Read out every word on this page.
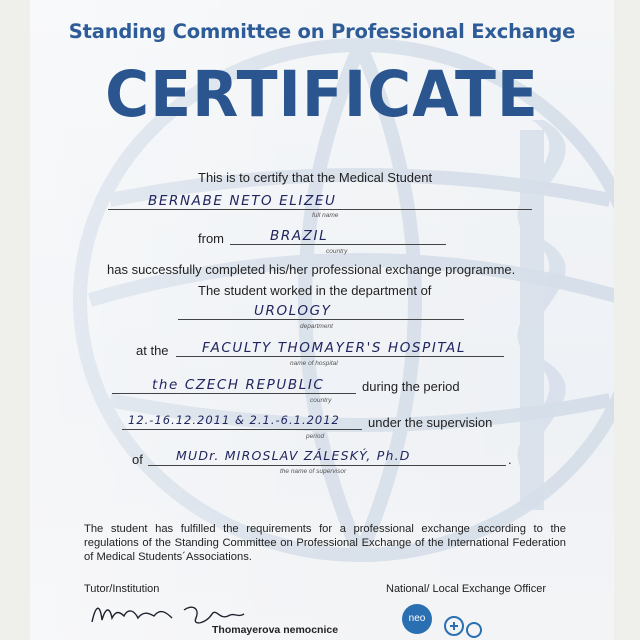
Standing Committee on Professional Exchange
CERTIFICATE
This is to certify that the Medical Student
BERNABE NETO ELIZEU
full name
from	BRAZIL
country
has successfully completed his/her professional exchange programme.
The student worked in the department of
UROLOGY
department
at the FACULTY THOMAYER'S HOSPITAL
name of hospital
the CZECH REPUBLIC	during the period
country
12.-16.12.2011 & 2.1.-6.1.2012 under the supervision
period
of	MUDr. MIROSLAV ZÁLESKÝ, Ph.D	.
the name of supervisor
The student has fulfilled the requirements for a professional exchange according to the regulations of the Standing Committee on Professional Exchange of the International Federation of Medical Students´Associations.
Tutor/Institution	National/ Local Exchange Officer
Thomayerova nemocnice
neo
